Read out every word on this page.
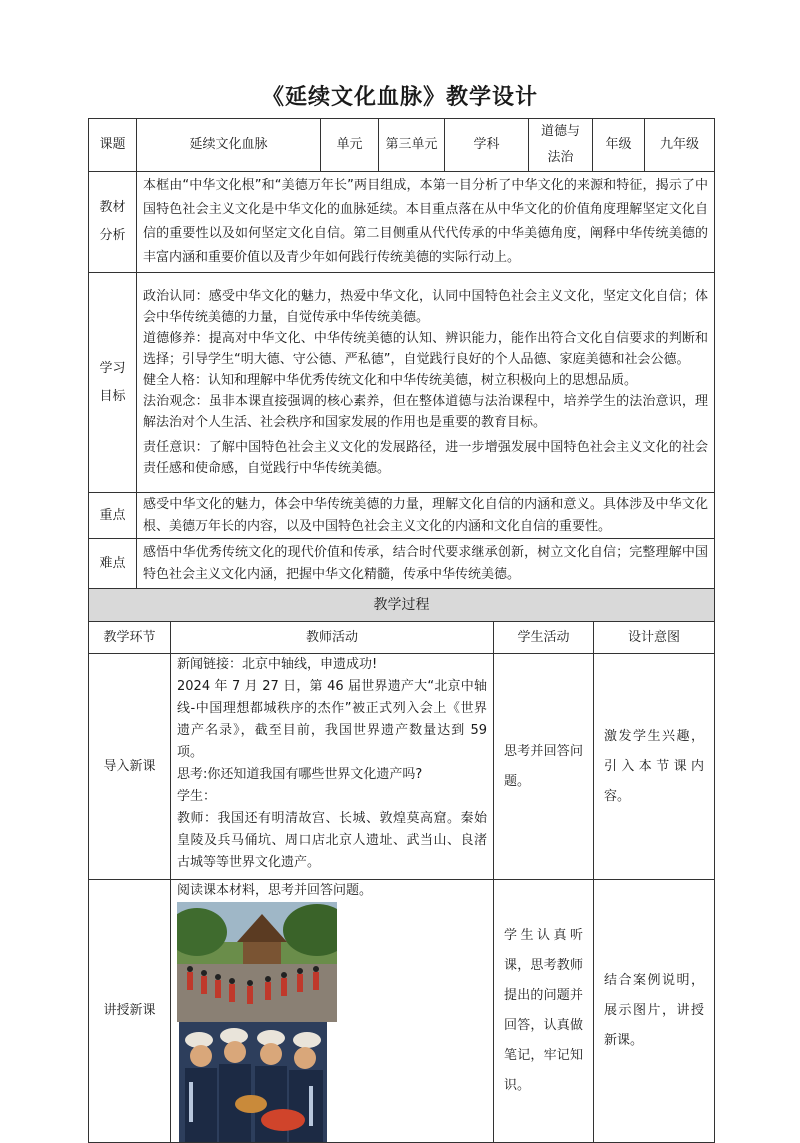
《延续文化血脉》教学设计
课题	延续文化血脉	单元	第三单元	学科	道德与法治	年级	九年级
教材分析	本框由“中华文化根”和“美德万年长”两目组成，本第一目分析了中华文化的来源和特征，揭示了中国特色社会主义文化是中华文化的血脉延续。本目重点落在从中华文化的价值角度理解坚定文化自信的重要性以及如何坚定文化自信。第二目侧重从代代传承的中华美德角度，阐释中华传统美德的丰富内涵和重要价值以及青少年如何践行传统美德的实际行动上。						
学习目标	政治认同：感受中华文化的魅力，热爱中华文化，认同中国特色社会主义文化，坚定文化自信；体会中华传统美德的力量，自觉传承中华传统美德。

道德修养：提高对中华文化、中华传统美德的认知、辨识能力，能作出符合文化自信要求的判断和选择；引导学生“明大德、守公德、严私德”，自觉践行良好的个人品德、家庭美德和社会公德。

健全人格：认知和理解中华优秀传统文化和中华传统美德，树立积极向上的思想品质。

法治观念：虽非本课直接强调的核心素养，但在整体道德与法治课程中，培养学生的法治意识，理解法治对个人生活、社会秩序和国家发展的作用也是重要的教育目标。

责任意识：了解中国特色社会主义文化的发展路径，进一步增强发展中国特色社会主义文化的社会责任感和使命感，自觉践行中华传统美德。						

重点	感受中华文化的魅力，体会中华传统美德的力量，理解文化自信的内涵和意义。具体涉及中华文化根、美德万年长的内容，以及中国特色社会主义文化的内涵和文化自信的重要性。						
难点	感悟中华优秀传统文化的现代价值和传承，结合时代要求继承创新，树立文化自信；完整理解中国特色社会主义文化内涵，把握中华文化精髓，传承中华传统美德。						
教学过程			
教学环节	教师活动	学生活动	设计意图
导入新课	新闻链接：北京中轴线，申遗成功!

2024 年 7 月 27 日，第 46 届世界遗产大“北京中轴线-中国理想都城秩序的杰作”被正式列入会上《世界遗产名录》，截至目前，我国世界遗产数量达到 59 项。

思考:你还知道我国有哪些世界文化遗产吗?

学生：

教师：我国还有明清故宫、长城、敦煌莫高窟。秦始皇陵及兵马俑坑、周口店北京人遗址、武当山、良渚古城等等世界文化遗产。	思考并回答问题。	激发学生兴趣，引入本节课内容。
讲授新课	阅读课本材料，思考并回答问题。	学生认真听课，思考教师提出的问题并回答，认真做笔记，牢记知识。	结合案例说明，展示图片，讲授新课。
